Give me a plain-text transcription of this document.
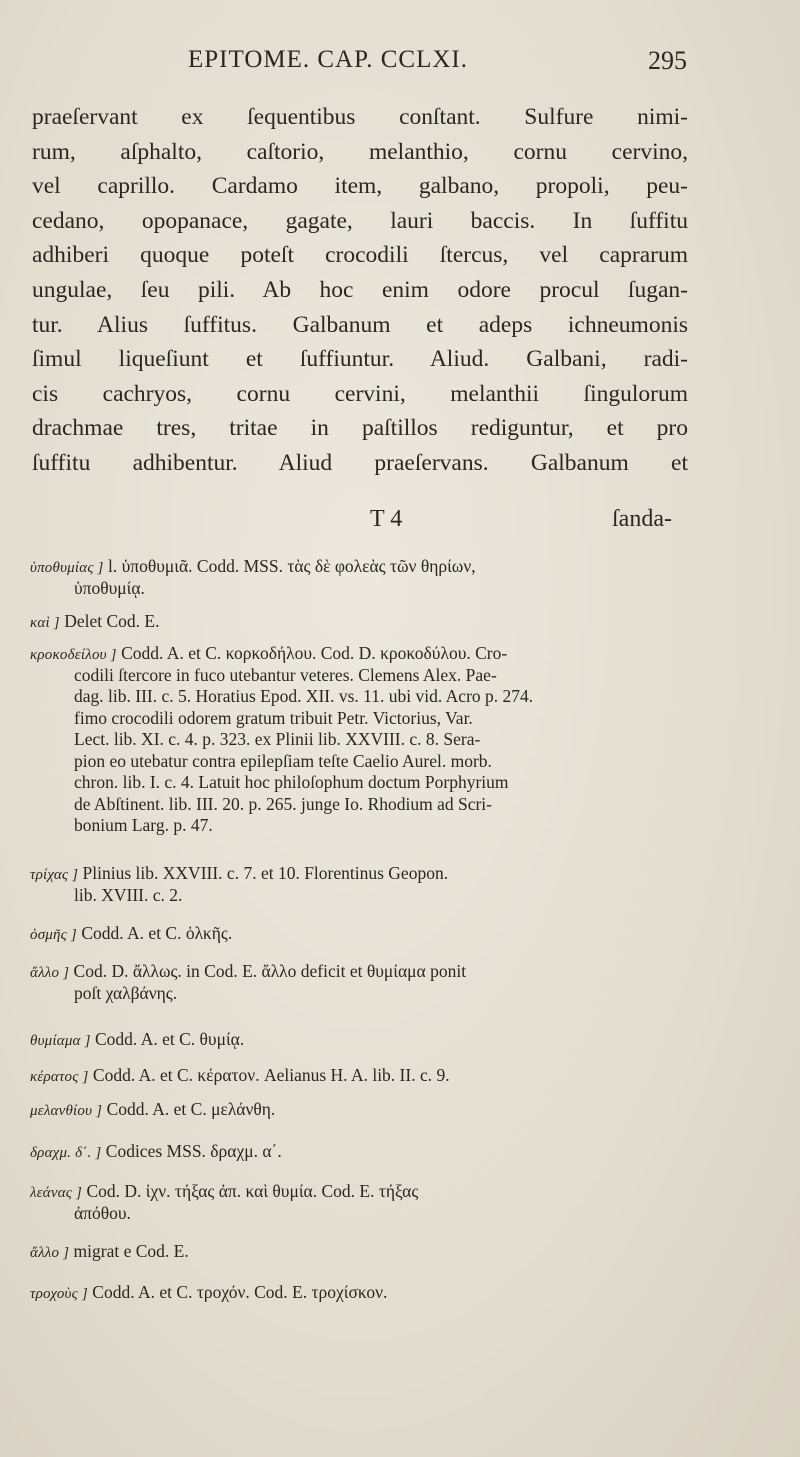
EPITOME. CAP. CCLXI.	295
praeſervant ex ſequentibus conſtant. Sulfure nimi-
rum, aſphalto, caſtorio, melanthio, cornu cervino,
vel caprillo. Cardamo item, galbano, propoli, peu-
cedano, opopanace, gagate, lauri baccis. In ſuffitu
adhiberi quoque poteſt crocodili ſtercus, vel caprarum
ungulae, ſeu pili. Ab hoc enim odore procul ſugan-
tur. Alius ſuffitus. Galbanum et adeps ichneumonis
ſimul liqueſiunt et ſuffiuntur. Aliud. Galbani, radi-
cis cachryos, cornu cervini, melanthii ſingulorum
drachmae tres, tritae in paſtillos rediguntur, et pro
ſuffitu adhibentur. Aliud praeſervans. Galbanum et
T 4	ſanda-
ὑποθυμίας ] l. ὑποθυμιᾶ. Codd. MSS. τὰς δὲ φολεὰς τῶν θηρίων,
ὑποθυμίᾳ.
καὶ ] Delet Cod. E.
κροκοδείλου ] Codd. A. et C. κορκοδήλου. Cod. D. κροκοδύλου. Cro-
codili ſtercore in fuco utebantur veteres. Clemens Alex. Pae-
dag. lib. III. c. 5. Horatius Epod. XII. vs. 11. ubi vid. Acro p. 274.
fimo crocodili odorem gratum tribuit Petr. Victorius, Var.
Lect. lib. XI. c. 4. p. 323. ex Plinii lib. XXVIII. c. 8. Sera-
pion eo utebatur contra epilepſiam teſte Caelio Aurel. morb.
chron. lib. I. c. 4. Latuit hoc philoſophum doctum Porphyrium
de Abſtinent. lib. III. 20. p. 265. junge Io. Rhodium ad Scri-
bonium Larg. p. 47.
τρίχας ] Plinius lib. XXVIII. c. 7. et 10. Florentinus Geopon.
lib. XVIII. c. 2.
ὀσμῆς ] Codd. A. et C. ὁλκῆς.
ἄλλο ] Cod. D. ἄλλως. in Cod. E. ἄλλο deficit et θυμίαμα ponit
poſt χαλβάνης.
θυμίαμα ] Codd. A. et C. θυμίᾳ.
κέρατος ] Codd. A. et C. κέρατον. Aelianus H. A. lib. II. c. 9.
μελανθίου ] Codd. A. et C. μελάνθη.
δραχμ. δ΄. ] Codices MSS. δραχμ. α΄.
λεάνας ] Cod. D. ἰχν. τήξας ἀπ. καὶ θυμία. Cod. E. τήξας
ἀπόθου.
ἄλλο ] migrat e Cod. E.
τροχοὺς ] Codd. A. et C. τροχόν. Cod. E. τροχίσκον.
